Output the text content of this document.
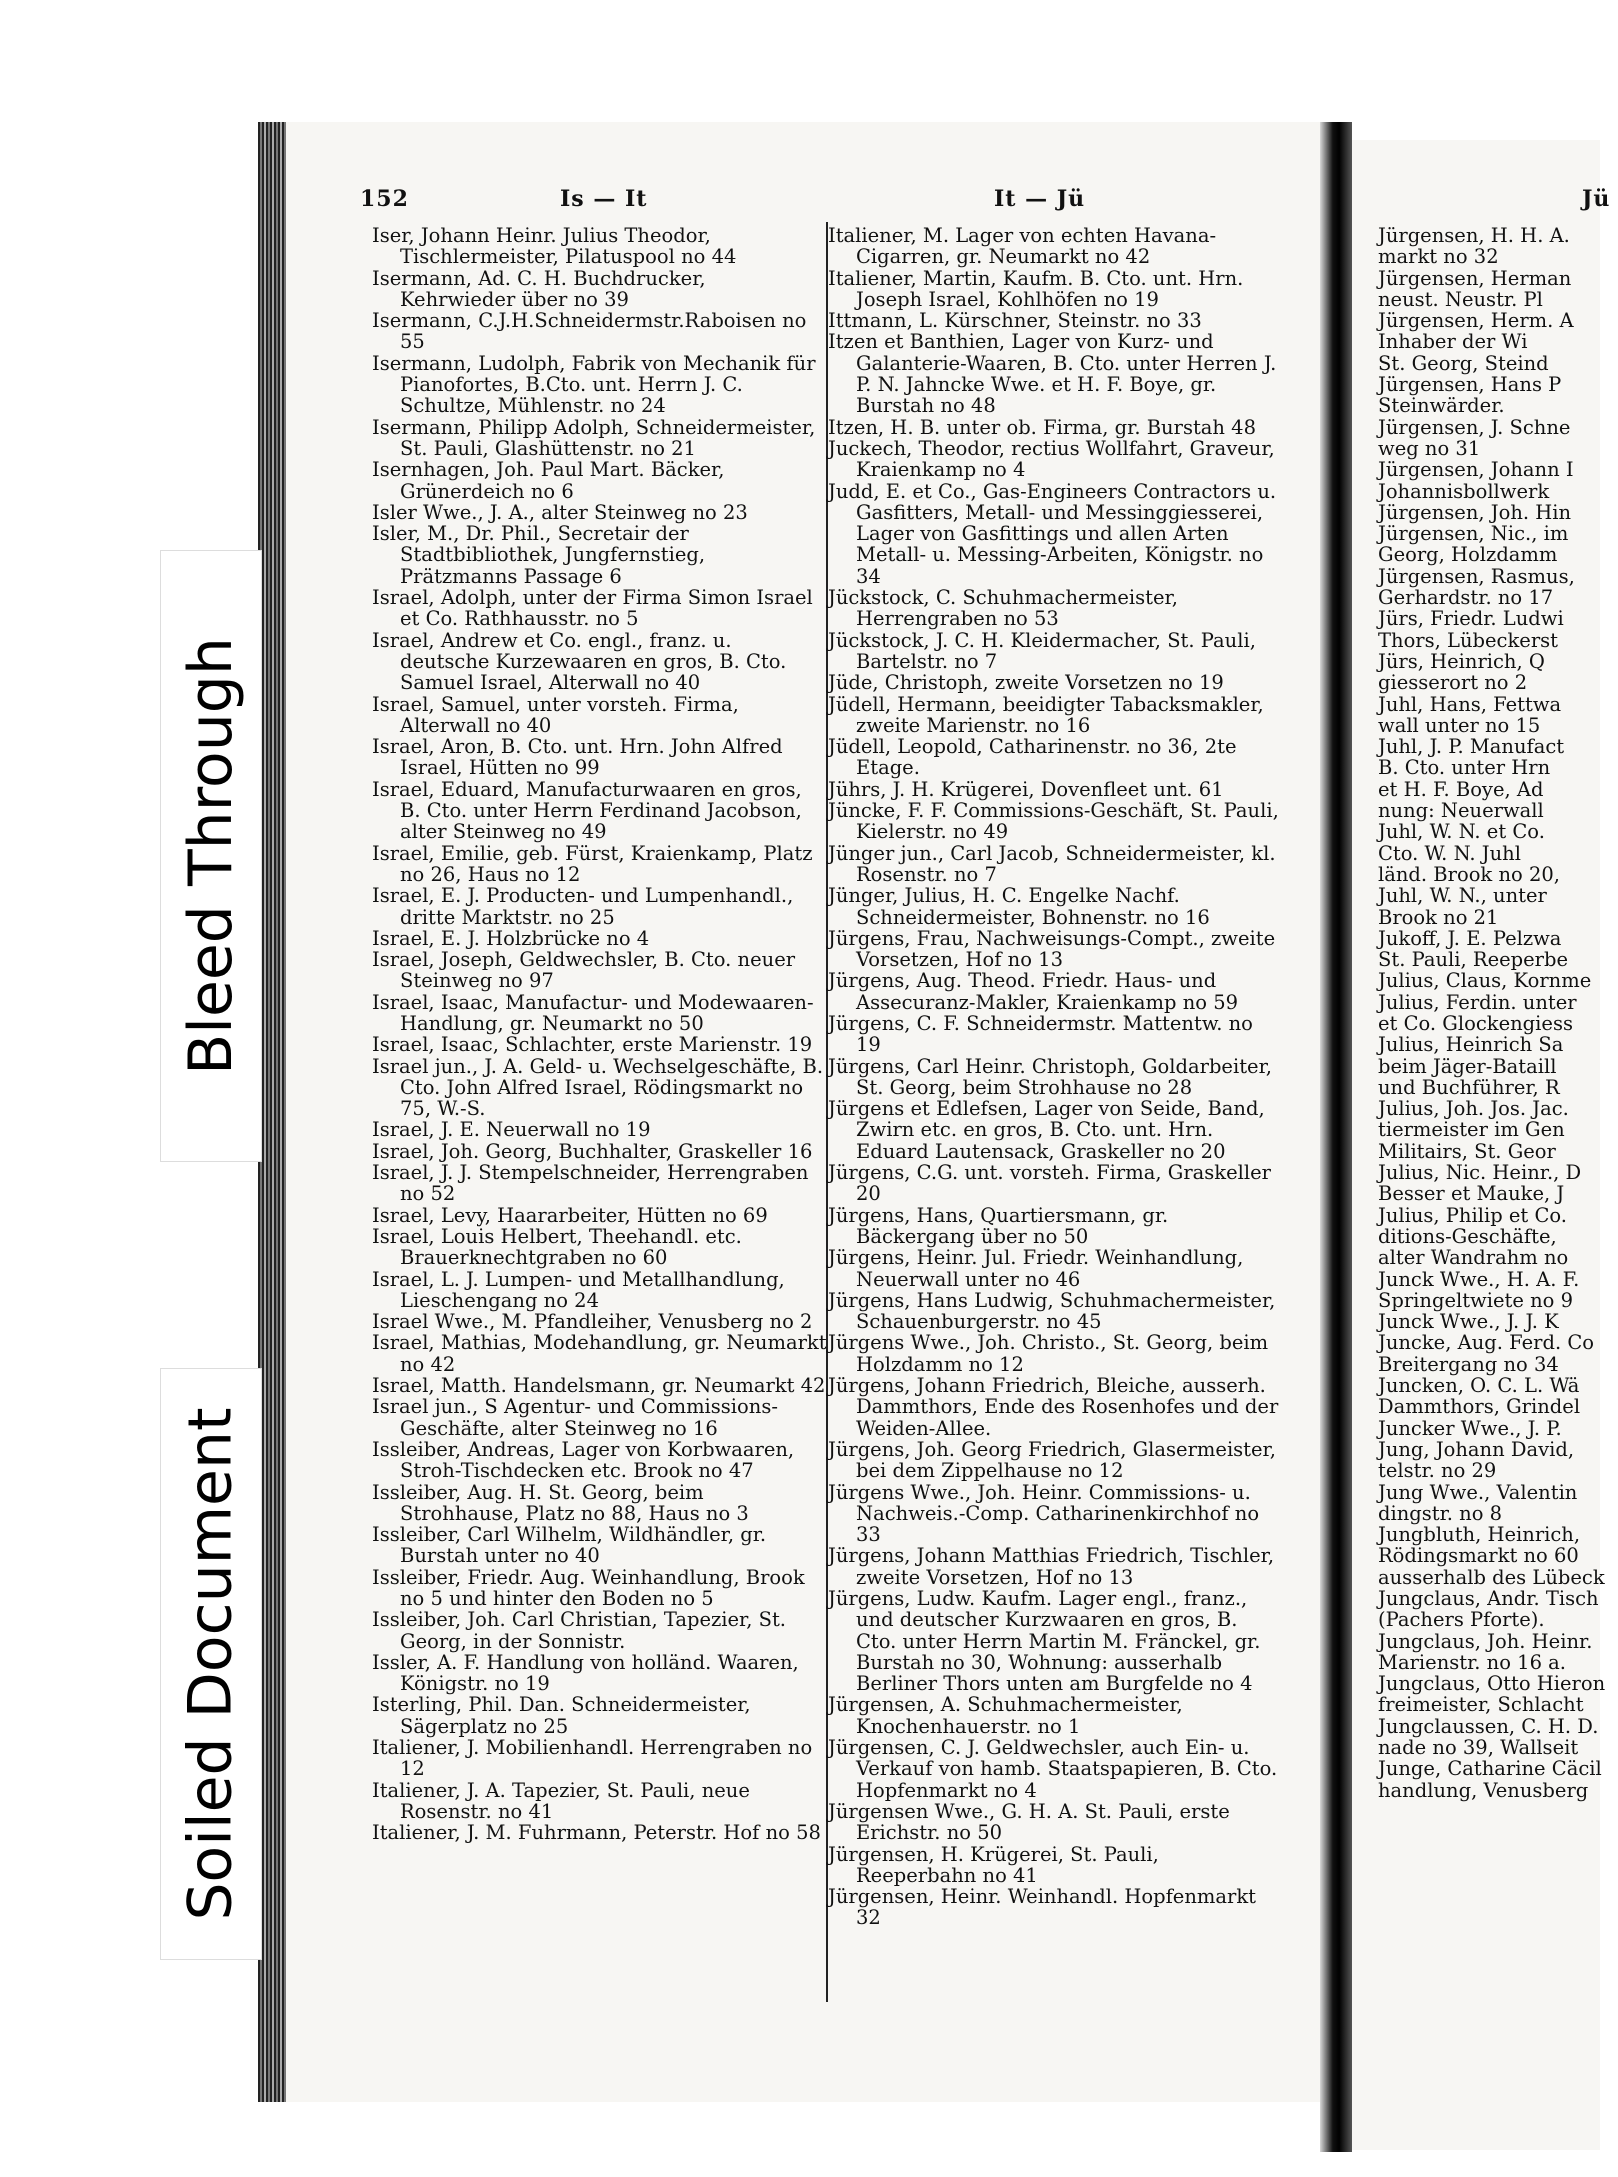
152	Is — It	It — Jü	Jü
Iser, Johann Heinr. Julius Theodor, Tischlermeister, Pilatuspool no 44
Isermann, Ad. C. H. Buchdrucker, Kehrwieder über no 39
Isermann, C.J.H.Schneidermstr.Raboisen no 55
Isermann, Ludolph, Fabrik von Mechanik für Pianofortes, B.Cto. unt. Herrn J. C. Schultze, Mühlenstr. no 24
Isermann, Philipp Adolph, Schneidermeister, St. Pauli, Glashüttenstr. no 21
Isernhagen, Joh. Paul Mart. Bäcker, Grünerdeich no 6
Isler Wwe., J. A., alter Steinweg no 23
Isler, M., Dr. Phil., Secretair der Stadtbibliothek, Jungfernstieg, Prätzmanns Passage 6
Israel, Adolph, unter der Firma Simon Israel et Co. Rathhausstr. no 5
Israel, Andrew et Co. engl., franz. u. deutsche Kurzewaaren en gros, B. Cto. Samuel Israel, Alterwall no 40
Israel, Samuel, unter vorsteh. Firma, Alterwall no 40
Israel, Aron, B. Cto. unt. Hrn. John Alfred Israel, Hütten no 99
Israel, Eduard, Manufacturwaaren en gros, B. Cto. unter Herrn Ferdinand Jacobson, alter Steinweg no 49
Israel, Emilie, geb. Fürst, Kraienkamp, Platz no 26, Haus no 12
Israel, E. J. Producten- und Lumpenhandl., dritte Marktstr. no 25
Israel, E. J. Holzbrücke no 4
Israel, Joseph, Geldwechsler, B. Cto. neuer Steinweg no 97
Israel, Isaac, Manufactur- und Modewaaren-Handlung, gr. Neumarkt no 50
Israel, Isaac, Schlachter, erste Marienstr. 19
Israel jun., J. A. Geld- u. Wechselgeschäfte, B. Cto. John Alfred Israel, Rödingsmarkt no 75, W.-S.
Israel, J. E. Neuerwall no 19
Israel, Joh. Georg, Buchhalter, Graskeller 16
Israel, J. J. Stempelschneider, Herrengraben no 52
Israel, Levy, Haararbeiter, Hütten no 69
Israel, Louis Helbert, Theehandl. etc. Brauerknechtgraben no 60
Israel, L. J. Lumpen- und Metallhandlung, Lieschengang no 24
Israel Wwe., M. Pfandleiher, Venusberg no 2
Israel, Mathias, Modehandlung, gr. Neumarkt no 42
Israel, Matth. Handelsmann, gr. Neumarkt 42
Israel jun., S Agentur- und Commissions-Geschäfte, alter Steinweg no 16
Issleiber, Andreas, Lager von Korbwaaren, Stroh-Tischdecken etc. Brook no 47
Issleiber, Aug. H. St. Georg, beim Strohhause, Platz no 88, Haus no 3
Issleiber, Carl Wilhelm, Wildhändler, gr. Burstah unter no 40
Issleiber, Friedr. Aug. Weinhandlung, Brook no 5 und hinter den Boden no 5
Issleiber, Joh. Carl Christian, Tapezier, St. Georg, in der Sonnistr.
Issler, A. F. Handlung von holländ. Waaren, Königstr. no 19
Isterling, Phil. Dan. Schneidermeister, Sägerplatz no 25
Italiener, J. Mobilienhandl. Herrengraben no 12
Italiener, J. A. Tapezier, St. Pauli, neue Rosenstr. no 41
Italiener, J. M. Fuhrmann, Peterstr. Hof no 58
Italiener, M. Lager von echten Havana-Cigarren, gr. Neumarkt no 42
Italiener, Martin, Kaufm. B. Cto. unt. Hrn. Joseph Israel, Kohlhöfen no 19
Ittmann, L. Kürschner, Steinstr. no 33
Itzen et Banthien, Lager von Kurz- und Galanterie-Waaren, B. Cto. unter Herren J. P. N. Jahncke Wwe. et H. F. Boye, gr. Burstah no 48
Itzen, H. B. unter ob. Firma, gr. Burstah 48
Juckech, Theodor, rectius Wollfahrt, Graveur, Kraienkamp no 4
Judd, E. et Co., Gas-Engineers Contractors u. Gasfitters, Metall- und Messinggiesserei, Lager von Gasfittings und allen Arten Metall- u. Messing-Arbeiten, Königstr. no 34
Jückstock, C. Schuhmachermeister, Herrengraben no 53
Jückstock, J. C. H. Kleidermacher, St. Pauli, Bartelstr. no 7
Jüde, Christoph, zweite Vorsetzen no 19
Jüdell, Hermann, beeidigter Tabacksmakler, zweite Marienstr. no 16
Jüdell, Leopold, Catharinenstr. no 36, 2te Etage.
Jührs, J. H. Krügerei, Dovenfleet unt. 61
Jüncke, F. F. Commissions-Geschäft, St. Pauli, Kielerstr. no 49
Jünger jun., Carl Jacob, Schneidermeister, kl. Rosenstr. no 7
Jünger, Julius, H. C. Engelke Nachf. Schneidermeister, Bohnenstr. no 16
Jürgens, Frau, Nachweisungs-Compt., zweite Vorsetzen, Hof no 13
Jürgens, Aug. Theod. Friedr. Haus- und Assecuranz-Makler, Kraienkamp no 59
Jürgens, C. F. Schneidermstr. Mattentw. no 19
Jürgens, Carl Heinr. Christoph, Goldarbeiter, St. Georg, beim Strohhause no 28
Jürgens et Edlefsen, Lager von Seide, Band, Zwirn etc. en gros, B. Cto. unt. Hrn. Eduard Lautensack, Graskeller no 20
Jürgens, C.G. unt. vorsteh. Firma, Graskeller 20
Jürgens, Hans, Quartiersmann, gr. Bäckergang über no 50
Jürgens, Heinr. Jul. Friedr. Weinhandlung, Neuerwall unter no 46
Jürgens, Hans Ludwig, Schuhmachermeister, Schauenburgerstr. no 45
Jürgens Wwe., Joh. Christo., St. Georg, beim Holzdamm no 12
Jürgens, Johann Friedrich, Bleiche, ausserh. Dammthors, Ende des Rosenhofes und der Weiden-Allee.
Jürgens, Joh. Georg Friedrich, Glasermeister, bei dem Zippelhause no 12
Jürgens Wwe., Joh. Heinr. Commissions- u. Nachweis.-Comp. Catharinenkirchhof no 33
Jürgens, Johann Matthias Friedrich, Tischler, zweite Vorsetzen, Hof no 13
Jürgens, Ludw. Kaufm. Lager engl., franz., und deutscher Kurzwaaren en gros, B. Cto. unter Herrn Martin M. Fränckel, gr. Burstah no 30, Wohnung: ausserhalb Berliner Thors unten am Burgfelde no 4
Jürgensen, A. Schuhmachermeister, Knochenhauerstr. no 1
Jürgensen, C. J. Geldwechsler, auch Ein- u. Verkauf von hamb. Staatspapieren, B. Cto. Hopfenmarkt no 4
Jürgensen Wwe., G. H. A. St. Pauli, erste Erichstr. no 50
Jürgensen, H. Krügerei, St. Pauli, Reeperbahn no 41
Jürgensen, Heinr. Weinhandl. Hopfenmarkt 32
Jürgensen, H. H. A.
markt no 32
Jürgensen, Herman
neust. Neustr. Pl
Jürgensen, Herm. A
Inhaber der Wi
St. Georg, Steind
Jürgensen, Hans P
Steinwärder.
Jürgensen, J. Schne
weg no 31
Jürgensen, Johann I
Johannisbollwerk
Jürgensen, Joh. Hin
Jürgensen, Nic., im
Georg, Holzdamm
Jürgensen, Rasmus,
Gerhardstr. no 17
Jürs, Friedr. Ludwi
Thors, Lübeckerst
Jürs, Heinrich, Q
giesserort no 2
Juhl, Hans, Fettwa
wall unter no 15
Juhl, J. P. Manufact
B. Cto. unter Hrn
et H. F. Boye, Ad
nung: Neuerwall
Juhl, W. N. et Co.
Cto. W. N. Juhl
länd. Brook no 20,
Juhl, W. N., unter
Brook no 21
Jukoff, J. E. Pelzwa
St. Pauli, Reeperbe
Julius, Claus, Kornme
Julius, Ferdin. unter
et Co. Glockengiess
Julius, Heinrich Sa
beim Jäger-Bataill
und Buchführer, R
Julius, Joh. Jos. Jac.
tiermeister im Gen
Militairs, St. Geor
Julius, Nic. Heinr., D
Besser et Mauke, J
Julius, Philip et Co.
ditions-Geschäfte,
alter Wandrahm no
Junck Wwe., H. A. F.
Springeltwiete no 9
Junck Wwe., J. J. K
Juncke, Aug. Ferd. Co
Breitergang no 34
Juncken, O. C. L. Wä
Dammthors, Grindel
Juncker Wwe., J. P.
Jung, Johann David,
telstr. no 29
Jung Wwe., Valentin
dingstr. no 8
Jungbluth, Heinrich,
Rödingsmarkt no 60
ausserhalb des Lübeck
Jungclaus, Andr. Tisch
(Pachers Pforte).
Jungclaus, Joh. Heinr.
Marienstr. no 16 a.
Jungclaus, Otto Hieron
freimeister, Schlacht
Jungclaussen, C. H. D.
nade no 39, Wallseit
Junge, Catharine Cäcil
handlung, Venusberg
Bleed Through
Soiled Document
